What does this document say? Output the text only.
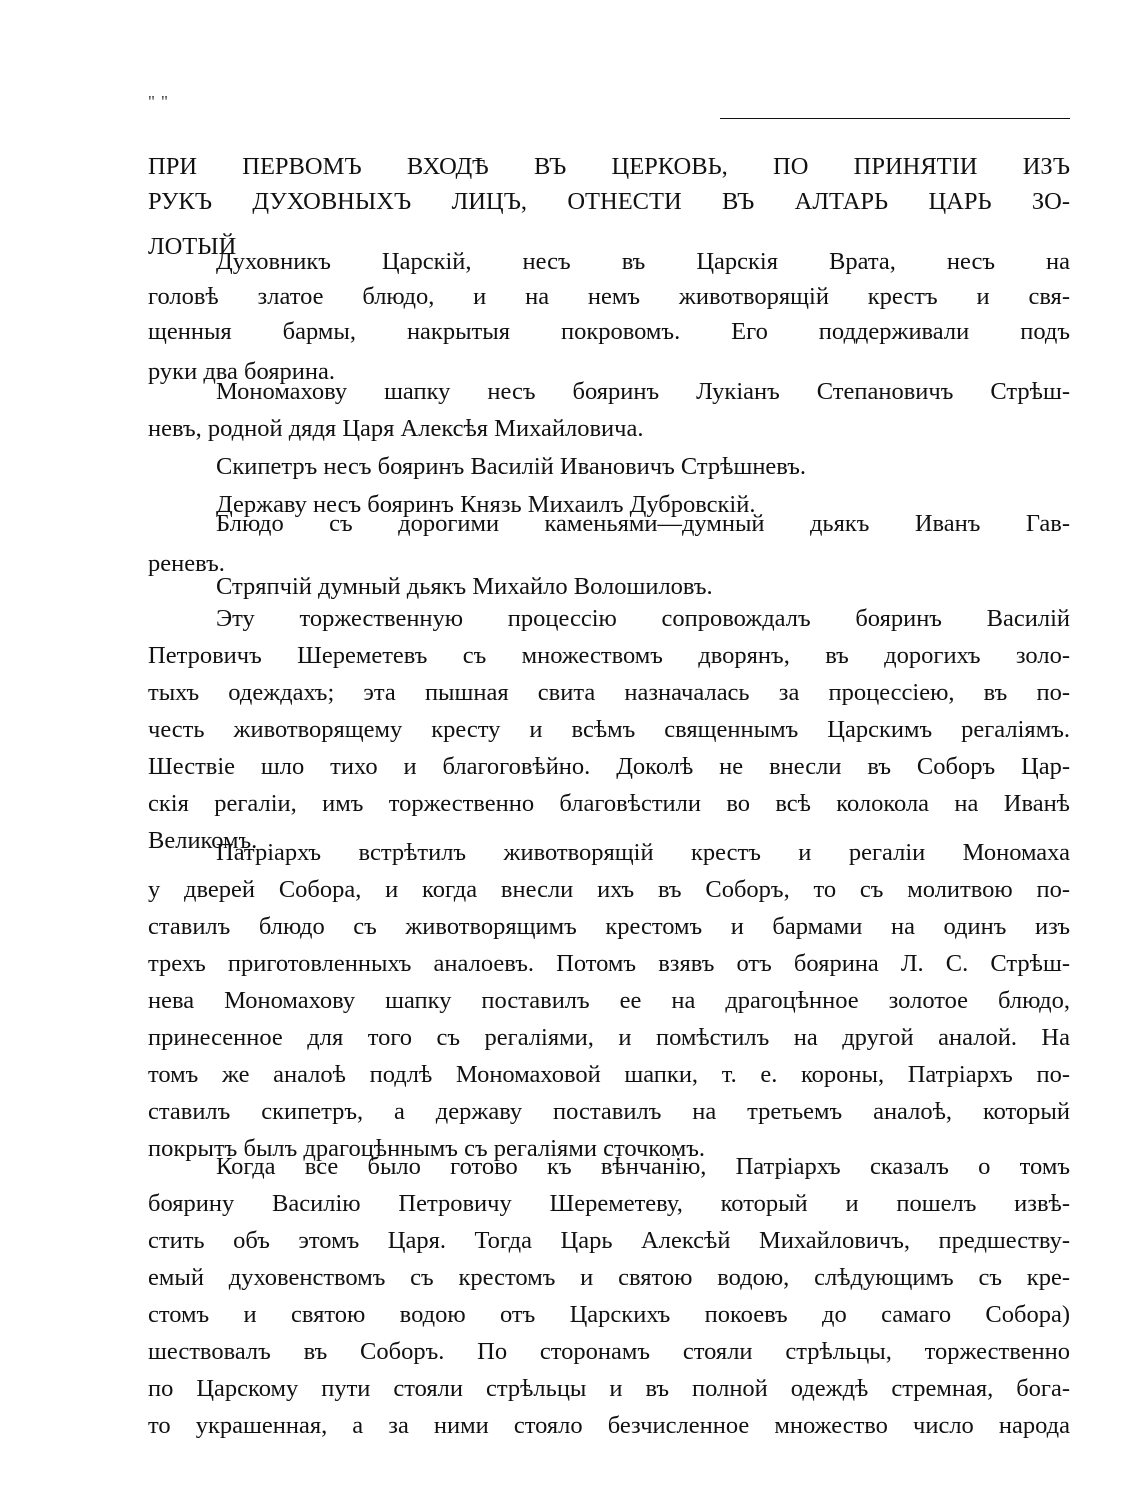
""
ПРИ ПЕРВОМЪ ВХОДѢ ВЪ ЦЕРКОВЬ, ПО ПРИНЯТІИ ИЗЪ
РУКЪ ДУХОВНЫХЪ ЛИЦЪ, ОТНЕСТИ ВЪ АЛТАРЬ ЦАРЬ ЗО-
ЛОТЫЙ
Духовникъ Царскій, несъ въ Царскія Врата, несъ на
головѣ златое блюдо, и на немъ животворящій крестъ и свя-
щенныя бармы, накрытыя покровомъ. Его поддерживали подъ
руки два боярина.
Мономахову шапку несъ бояринъ Лукіанъ Степановичъ Стрѣш-
невъ, родной дядя Царя Алексѣя Михайловича.
Скипетръ несъ бояринъ Василій Ивановичъ Стрѣшневъ.
Державу несъ бояринъ Князь Михаилъ Дубровскій.
Блюдо съ дорогими каменьями—думный дьякъ Иванъ Гав-
реневъ.
Стряпчій думный дьякъ Михайло Волошиловъ.
Эту торжественную процессію сопровождалъ бояринъ Василій
Петровичъ Шереметевъ съ множествомъ дворянъ, въ дорогихъ золо-
тыхъ одеждахъ; эта пышная свита назначалась за процессіею, въ по-
честь животворящему кресту и всѣмъ священнымъ Царскимъ регаліямъ.
Шествіе шло тихо и благоговѣйно. Доколѣ не внесли въ Соборъ Цар-
скія регаліи, имъ торжественно благовѣстили во всѣ колокола на Иванѣ
Великомъ.
Патріархъ встрѣтилъ животворящій крестъ и регаліи Мономаха
у дверей Собора, и когда внесли ихъ въ Соборъ, то съ молитвою по-
ставилъ блюдо съ животворящимъ крестомъ и бармами на одинъ изъ
трехъ приготовленныхъ аналоевъ. Потомъ взявъ отъ боярина Л. С. Стрѣш-
нева Мономахову шапку поставилъ ее на драгоцѣнное золотое блюдо,
принесенное для того съ регаліями, и помѣстилъ на другой аналой. На
томъ же аналоѣ подлѣ Мономаховой шапки, т. е. короны, Патріархъ по-
ставилъ скипетръ, а державу поставилъ на третьемъ аналоѣ, который
покрытъ былъ драгоцѣннымъ съ регаліями сточкомъ.
Когда все было готово къ вѣнчанію, Патріархъ сказалъ о томъ
боярину Василію Петровичу Шереметеву, который и пошелъ извѣ-
стить объ этомъ Царя. Тогда Царь Алексѣй Михайловичъ, предшеству-
емый духовенствомъ съ крестомъ и святою водою, слѣдующимъ съ кре-
стомъ и святою водою отъ Царскихъ покоевъ до самаго Собора)
шествовалъ въ Соборъ. По сторонамъ стояли стрѣльцы, торжественно
по Царскому пути стояли стрѣльцы и въ полной одеждѣ стремная, бога-
то украшенная, а за ними стояло безчисленное множество число народа
